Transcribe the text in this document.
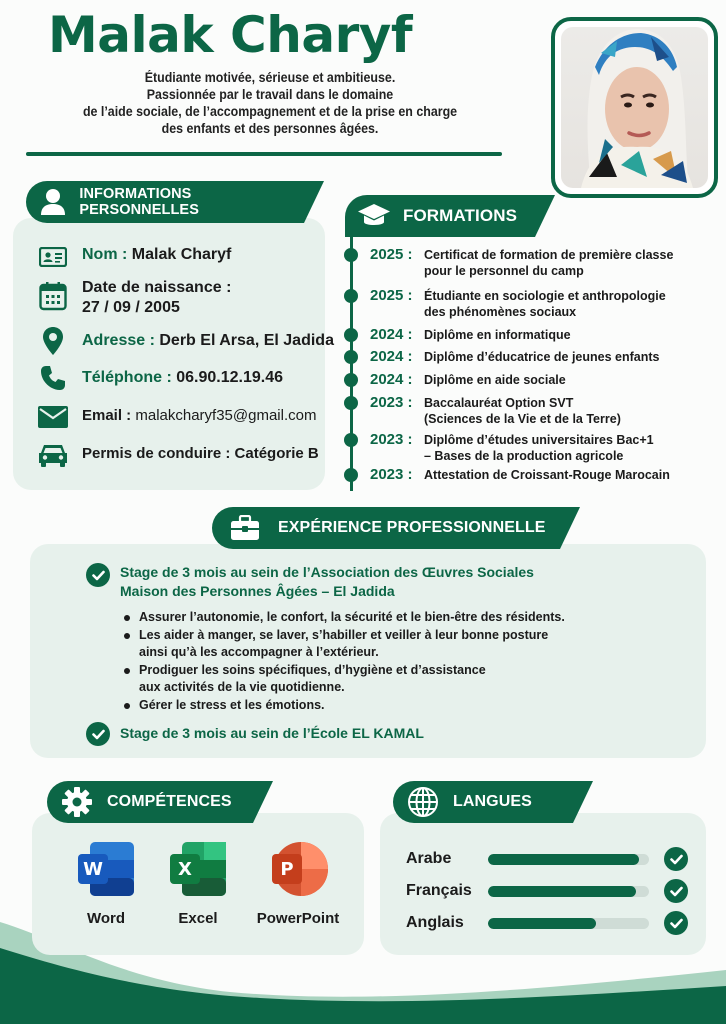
Malak Charyf
Étudiante motivée, sérieuse et ambitieuse.
Passionnée par le travail dans le domaine
de l’aide sociale, de l’accompagnement et de la prise en charge
des enfants et des personnes âgées.
INFORMATIONS PERSONNELLES
Nom : Malak Charyf
Date de naissance :
27 / 09 / 2005
Adresse : Derb El Arsa, El Jadida
Téléphone : 06.90.12.19.46
Email : malakcharyf35@gmail.com
Permis de conduire : Catégorie B
FORMATIONS
2025 : Certificat de formation de première classe
pour le personnel du camp
2025 : Étudiante en sociologie et anthropologie
des phénomènes sociaux
2024 : Diplôme en informatique
2024 : Diplôme d’éducatrice de jeunes enfants
2024 : Diplôme en aide sociale
2023 : Baccalauréat Option SVT
(Sciences de la Vie et de la Terre)
2023 : Diplôme d’études universitaires Bac+1
– Bases de la production agricole
2023 : Attestation de Croissant-Rouge Marocain
EXPÉRIENCE PROFESSIONNELLE
Stage de 3 mois au sein de l’Association des Œuvres Sociales
Maison des Personnes Âgées – El Jadida
Assurer l’autonomie, le confort, la sécurité et le bien-être des résidents.
Les aider à manger, se laver, s’habiller et veiller à leur bonne posture
ainsi qu’à les accompagner à l’extérieur.
Prodiguer les soins spécifiques, d’hygiène et d’assistance
aux activités de la vie quotidienne.
Gérer le stress et les émotions.
Stage de 3 mois au sein de l’École EL KAMAL
COMPÉTENCES
W
Word
X
Excel
P
PowerPoint
LANGUES
Arabe
Français
Anglais
